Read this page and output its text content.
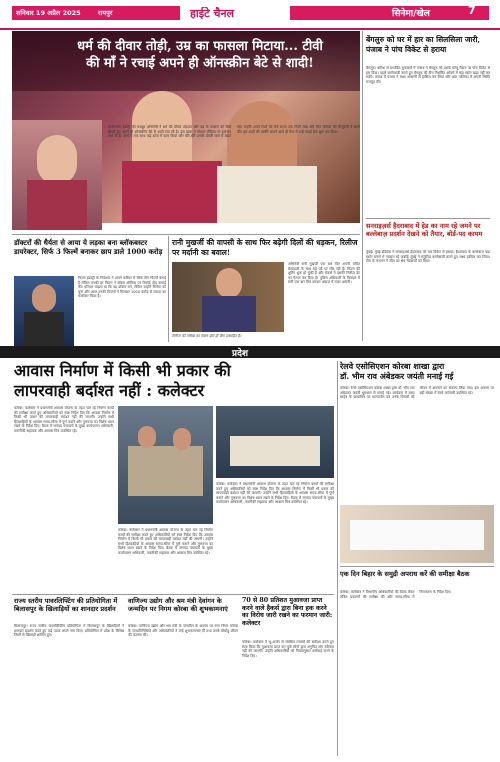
शनिवार 19 अप्रैल 2025	रायपुर	हाईटे चैनल	सिनेमा/खेल	7
धर्म की दीवार तोड़ी, उम्र का फासला मिटाया... टीवी
की माँ ने रचाई अपने ही ऑनस्क्रीन बेटे से शादी!
एंटरटेनमेंट इंडस्ट्री की मशहूर अभिनेत्री ने धर्म की दीवार तोड़कर और उम्र के फासले को पीछे छोड़ते हुए अपने ही ऑनस्क्रीन बेटे से शादी रचा ली है। इस खबर ने सोशल मीडिया पर हलचल मचा दी है। दोनों ने एक साथ कई शोज़ में काम किया और धीरे-धीरे उनकी दोस्ती प्यार में बदल गई। उन्होंने अपने रिश्ते को लंबे समय तक निजी रखा और फिर परिवार की मौजूदगी में शादी की। इस शादी की तस्वीरें सामने आते ही फैंस ने उन्हें बधाई देना शुरू कर दिया।
बेंगलुरु को घर में हार का सिलसिला जारी, पंजाब ने पांच विकेट से हराया
बेंगलुरु। बारिश से प्रभावित मुकाबले में पंजाब ने बेंगलुरु को उसके घरेलू मैदान पर पांच विकेट से हरा दिया। पहले बल्लेबाजी करते हुए बेंगलुरु की टीम निर्धारित ओवरों में बड़ा स्कोर खड़ा नहीं कर सकी। जवाब में पंजाब ने लक्ष्य आसानी से हासिल कर लिया और अंक तालिका में अपनी स्थिति मजबूत की।
सनराइज़र्स हैदराबाद में हेड का नाम रहे जमने पर बल्लेबाज़ प्रदर्शन देखने को तैयार, बोर्ड-पद कायम
मुंबई। मुंबई इंडियंस ने सनराइज़र्स हैदराबाद को चार विकेट से हराया। हैदराबाद के बल्लेबाज़ बड़ा स्कोर बनाने में नाकाम रहे जबकि मुंबई ने संतुलित बल्लेबाज़ी करते हुए लक्ष्य हासिल कर लिया। टीम के कप्तान ने जीत का श्रेय गेंदबाजों को दिया।
डॉक्टरों की धैर्यता से आया ये लड़का बना ब्लॉकबस्टर डायरेक्टर, सिर्फ 3 फिल्में बनाकर छाप डाले 1000 करोड़
फिल्म इंडस्ट्री के निर्देशक ने अपने करियर में सिर्फ तीन फिल्में बनाई हैं लेकिन उनकी हर फिल्म ने बॉक्स ऑफिस पर रिकॉर्ड तोड़ कमाई की। परिवार चाहता था कि वह डॉक्टर बने, लेकिन उन्होंने सिनेमा को चुना और आज उनकी फिल्मों ने मिलकर 1000 करोड़ से ज्यादा का कारोबार किया है।
रानी मुखर्जी की वापसी के साथ फिर बढ़ेगी दिलों की धड़कन, रिलीज पर मर्दानी का बवाल!
अभिनेत्री रानी मुखर्जी एक बार फिर अपनी चर्चित फ्रेंचाइज़ी के साथ बड़े पर्दे पर लौट रही हैं। फिल्म की शूटिंग शुरू हो चुकी है और मेकर्स ने इसकी रिलीज़ डेट का ऐलान कर दिया है। पुलिस अधिकारी के किरदार में रानी एक बार फिर दमदार अंदाज़ में नज़र आएंगी।
रिलीज की तारीख का ऐलान होते ही फैंस उत्साहित हैं।
प्रदेश
आवास निर्माण में किसी भी प्रकार की
लापरवाही बर्दाश्त नहीं : कलेक्टर
कोरबा। कलेक्टर ने प्रधानमंत्री आवास योजना के तहत चल रहे निर्माण कार्यों की समीक्षा करते हुए अधिकारियों को स्पष्ट निर्देश दिए कि आवास निर्माण में किसी भी प्रकार की लापरवाही बर्दाश्त नहीं की जाएगी। उन्होंने सभी हितग्राहियों के आवास समय-सीमा में पूर्ण कराने और गुणवत्ता का विशेष ध्यान रखने के निर्देश दिए। बैठक में जनपद पंचायतों के मुख्य कार्यपालन अधिकारी, तकनीकी सहायक और आवास मित्र उपस्थित रहे।
कोरबा। कलेक्टर ने प्रधानमंत्री आवास योजना के तहत चल रहे निर्माण कार्यों की समीक्षा करते हुए अधिकारियों को स्पष्ट निर्देश दिए कि आवास निर्माण में किसी भी प्रकार की लापरवाही बर्दाश्त नहीं की जाएगी। उन्होंने सभी हितग्राहियों के आवास समय-सीमा में पूर्ण कराने और गुणवत्ता का विशेष ध्यान रखने के निर्देश दिए। बैठक में जनपद पंचायतों के मुख्य कार्यपालन अधिकारी, तकनीकी सहायक और आवास मित्र उपस्थित रहे।
कोरबा। कलेक्टर ने प्रधानमंत्री आवास योजना के तहत चल रहे निर्माण कार्यों की समीक्षा करते हुए अधिकारियों को स्पष्ट निर्देश दिए कि आवास निर्माण में किसी भी प्रकार की लापरवाही बर्दाश्त नहीं की जाएगी। उन्होंने सभी हितग्राहियों के आवास समय-सीमा में पूर्ण कराने और गुणवत्ता का विशेष ध्यान रखने के निर्देश दिए। बैठक में जनपद पंचायतों के मुख्य कार्यपालन अधिकारी, तकनीकी सहायक और आवास मित्र उपस्थित रहे।
रेलवे एसोसिएशन कोरबा शाखा द्वारा
डॉ. भीम राव अंबेडकर जयंती मनाई गई
कोरबा। रेलवे एसोसिएशन कोरबा शाखा द्वारा डॉ. भीम राव अंबेडकर जयंती धूमधाम से मनाई गई। कार्यक्रम में बाबा साहेब के छायाचित्र पर माल्यार्पण कर उनके विचारों को जीवन में अपनाने का संकल्प लिया गया। इस अवसर पर बड़ी संख्या में रेलवे कर्मचारी उपस्थित रहे।
राज्य स्तरीय पावरलिफ्टिंग की प्रतियोगिता में बिलासपुर के खिलाड़ियों का शानदार प्रदर्शन
बिलासपुर। राज्य स्तरीय पावरलिफ्टिंग प्रतियोगिता में बिलासपुर के खिलाड़ियों ने शानदार प्रदर्शन करते हुए कई पदक अपने नाम किए। प्रतियोगिता में प्रदेश के विभिन्न जिलों से खिलाड़ी शामिल हुए।
वाणिज्य उद्योग और श्रम मंत्री देवांगन के जन्मदिन पर निगम कोरबा की शुभकामनाएं
कोरबा। वाणिज्य उद्योग और श्रम मंत्री के जन्मदिन के अवसर पर नगर निगम कोरबा के जनप्रतिनिधियों और अधिकारियों ने उन्हें शुभकामनाएं दीं तथा उनके दीर्घायु जीवन की कामना की।
70 से 80 प्रतिशत मुआवजा प्राप्त करने वाले हैकर्स द्वारा बिना हक करने का विरोध जारी रखने का फरमान जारी: कलेक्टर
कोरबा। कलेक्टर ने भू-अर्जन से संबंधित मामलों की समीक्षा करते हुए स्पष्ट किया कि मुआवजा प्राप्त कर चुके लोगों द्वारा अनुचित मांग स्वीकार नहीं की जाएगी। उन्होंने अधिकारियों को नियमानुसार कार्रवाई करने के निर्देश दिए।
एक दिन बिहार के समुद्री अपराध करें की समीक्षा बैठक
कोरबा। कलेक्टर ने विभागीय अधिकारियों की बैठक लेकर लंबित प्रकरणों की समीक्षा की और समय-सीमा में निराकरण के निर्देश दिए।
